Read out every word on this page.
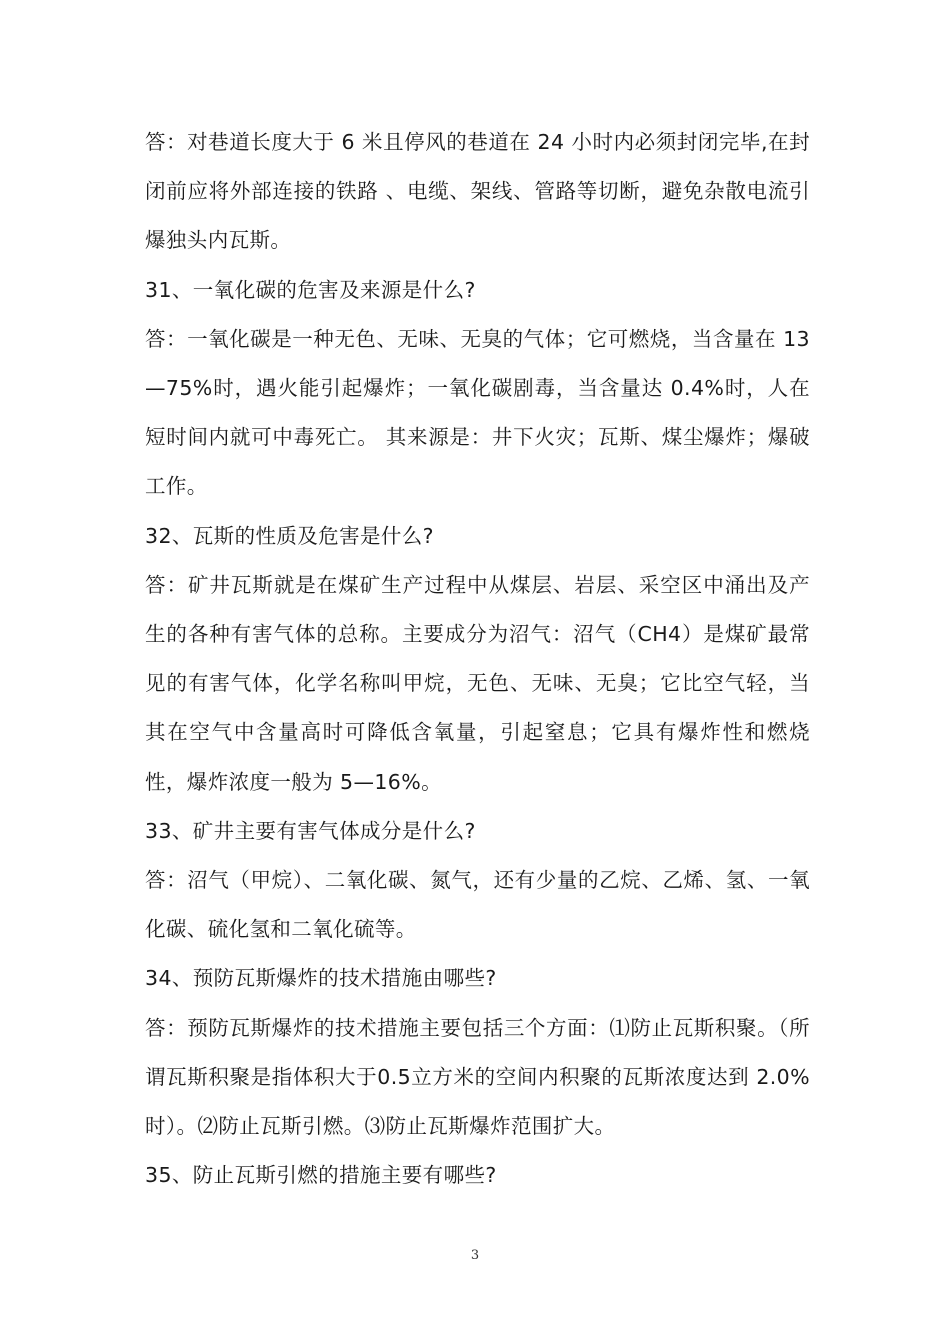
答：对巷道长度大于 6 米且停风的巷道在 24 小时内必须封闭完毕,在封闭前应将外部连接的铁路 、电缆、架线、管路等切断，避免杂散电流引爆独头内瓦斯。

31、一氧化碳的危害及来源是什么?

答：一氧化碳是一种无色、无味、无臭的气体；它可燃烧，当含量在 13—75%时，遇火能引起爆炸；一氧化碳剧毒，当含量达 0.4%时，人在短时间内就可中毒死亡。 其来源是：井下火灾；瓦斯、煤尘爆炸；爆破工作。

32、瓦斯的性质及危害是什么?

答：矿井瓦斯就是在煤矿生产过程中从煤层、岩层、采空区中涌出及产生的各种有害气体的总称。主要成分为沼气：沼气（CH4）是煤矿最常见的有害气体，化学名称叫甲烷，无色、无味、无臭；它比空气轻，当其在空气中含量高时可降低含氧量，引起窒息；它具有爆炸性和燃烧性，爆炸浓度一般为 5—16%。

33、矿井主要有害气体成分是什么?

答：沼气（甲烷）、二氧化碳、氮气，还有少量的乙烷、乙烯、氢、一氧化碳、硫化氢和二氧化硫等。

34、预防瓦斯爆炸的技术措施由哪些?

答：预防瓦斯爆炸的技术措施主要包括三个方面：⑴防止瓦斯积聚。（所谓瓦斯积聚是指体积大于0.5立方米的空间内积聚的瓦斯浓度达到 2.0%时）。⑵防止瓦斯引燃。⑶防止瓦斯爆炸范围扩大。

35、防止瓦斯引燃的措施主要有哪些?

3
